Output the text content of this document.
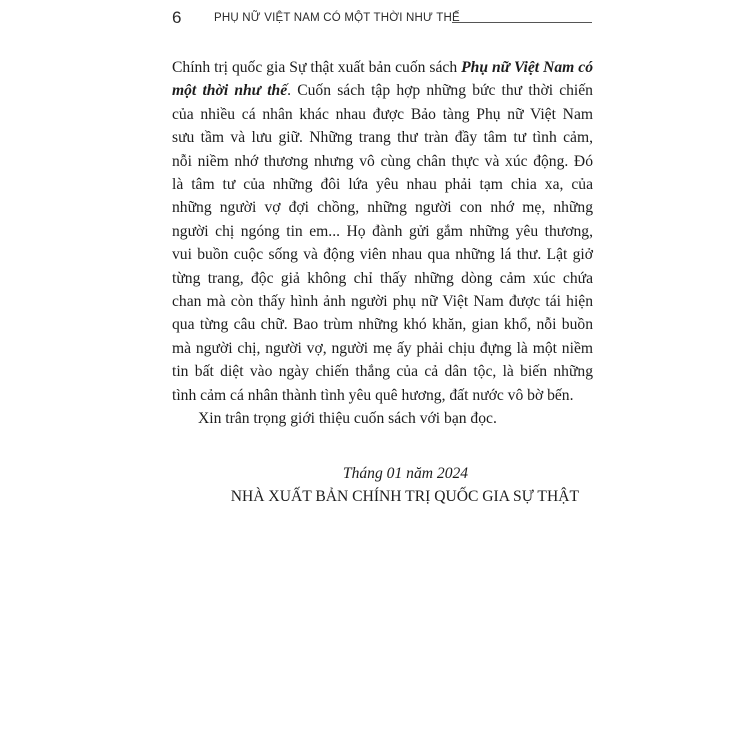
6	PHỤ NỮ VIỆT NAM CÓ MỘT THỜI NHƯ THẾ
Chính trị quốc gia Sự thật xuất bản cuốn sách Phụ nữ Việt Nam có
một thời như thế. Cuốn sách tập hợp những bức thư thời chiến
của nhiều cá nhân khác nhau được Bảo tàng Phụ nữ Việt Nam
sưu tầm và lưu giữ. Những trang thư tràn đầy tâm tư tình cảm,
nỗi niềm nhớ thương nhưng vô cùng chân thực và xúc động. Đó
là tâm tư của những đôi lứa yêu nhau phải tạm chia xa, của
những người vợ đợi chồng, những người con nhớ mẹ, những
người chị ngóng tin em... Họ đành gửi gắm những yêu thương,
vui buồn cuộc sống và động viên nhau qua những lá thư. Lật giở
từng trang, độc giả không chỉ thấy những dòng cảm xúc chứa
chan mà còn thấy hình ảnh người phụ nữ Việt Nam được tái hiện
qua từng câu chữ. Bao trùm những khó khăn, gian khổ, nỗi buồn
mà người chị, người vợ, người mẹ ấy phải chịu đựng là một niềm
tin bất diệt vào ngày chiến thắng của cả dân tộc, là biến những
tình cảm cá nhân thành tình yêu quê hương, đất nước vô bờ bến.
Xin trân trọng giới thiệu cuốn sách với bạn đọc.
Tháng 01 năm 2024
NHÀ XUẤT BẢN CHÍNH TRỊ QUỐC GIA SỰ THẬT
